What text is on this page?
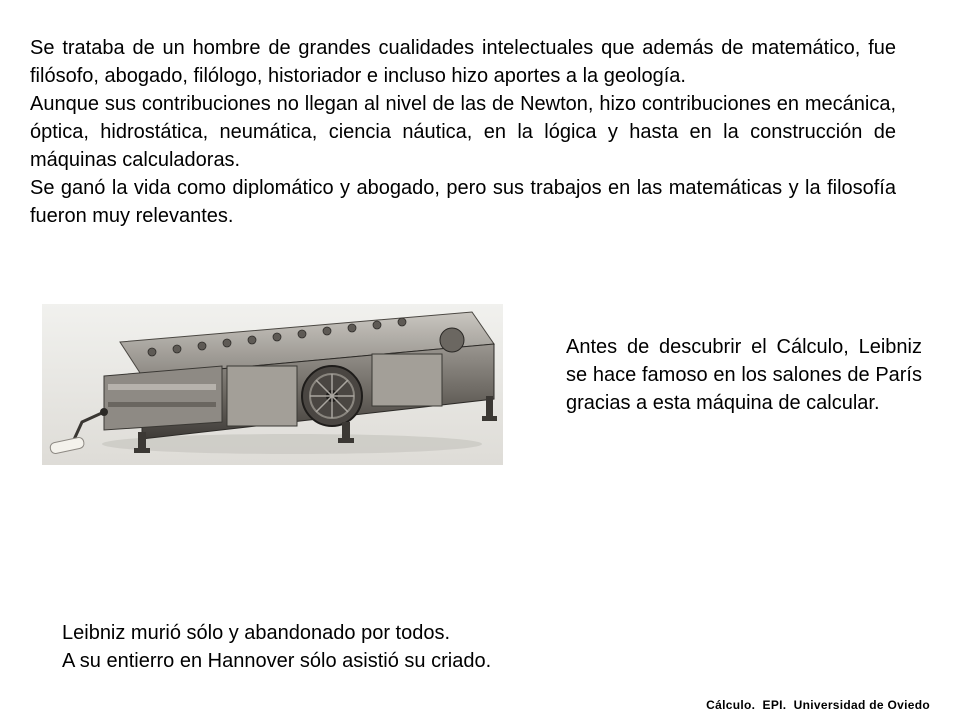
Se trataba de un hombre de grandes cualidades intelectuales que además de matemático, fue filósofo, abogado, filólogo, historiador e incluso hizo aportes a la geología.

Aunque sus contribuciones no llegan al nivel de las de Newton, hizo contribuciones en mecánica, óptica, hidrostática, neumática, ciencia náutica, en la lógica y hasta en la construcción de máquinas calculadoras.

Se ganó la vida como diplomático y abogado, pero sus trabajos en las matemáticas y la filosofía fueron muy relevantes.

Antes de descubrir el Cálculo, Leibniz se hace famoso en los salones de París gracias a esta máquina de calcular.

Leibniz murió sólo y abandonado por todos.

A su entierro en Hannover sólo asistió su criado.

Cálculo.  EPI.  Universidad de Oviedo
